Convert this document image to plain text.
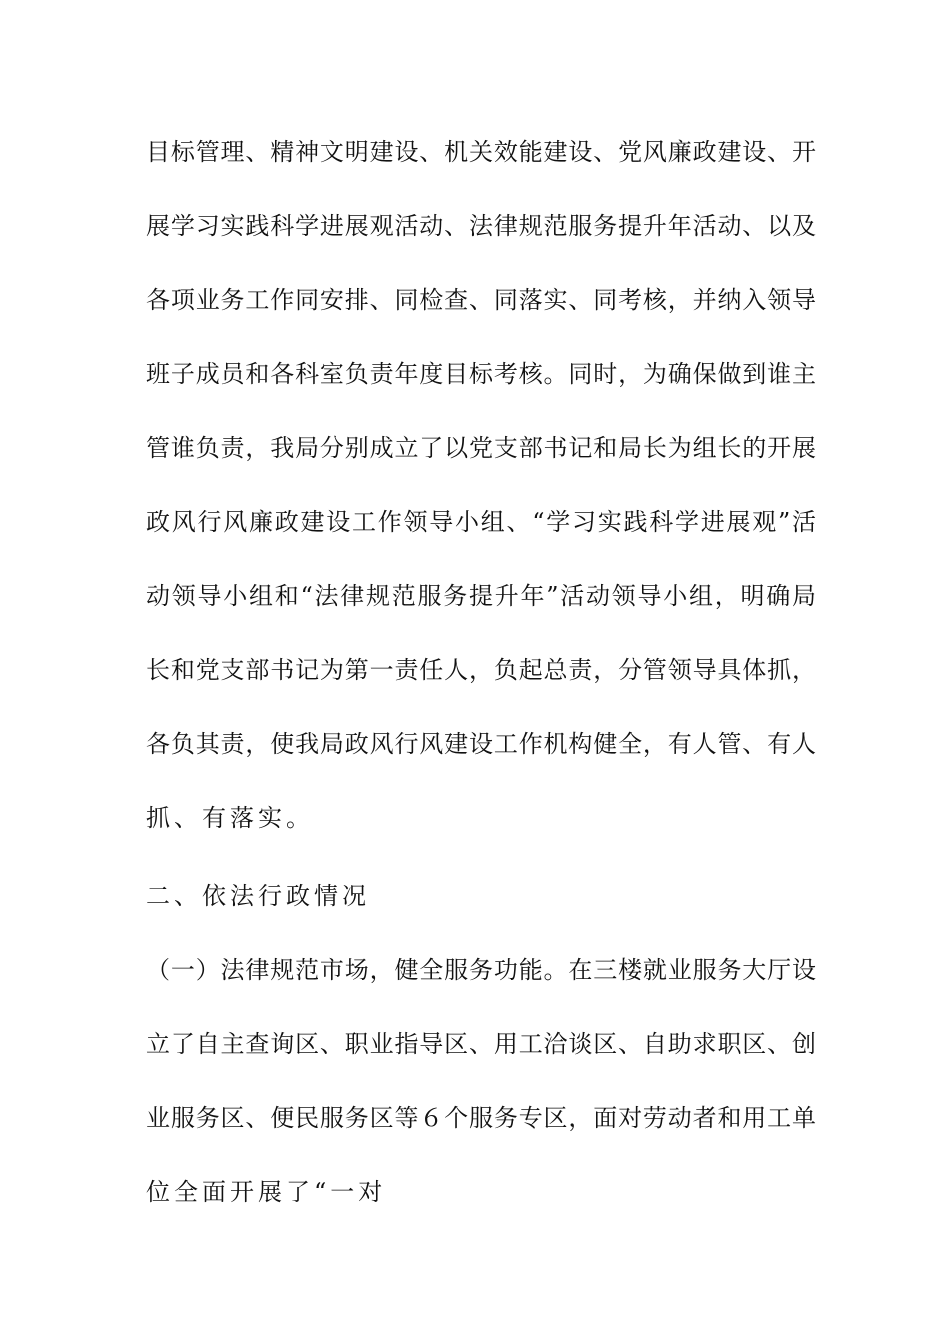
目标管理、精神文明建设、机关效能建设、党风廉政建设、开
展学习实践科学进展观活动、法律规范服务提升年活动、以及
各项业务工作同安排、同检查、同落实、同考核，并纳入领导
班子成员和各科室负责年度目标考核。同时，为确保做到谁主
管谁负责，我局分别成立了以党支部书记和局长为组长的开展
政风行风廉政建设工作领导小组、“学习实践科学进展观”活
动领导小组和“法律规范服务提升年”活动领导小组，明确局
长和党支部书记为第一责任人，负起总责，分管领导具体抓，
各负其责，使我局政风行风建设工作机构健全，有人管、有人
抓、有落实。
二、依法行政情况
（一）法律规范市场，健全服务功能。在三楼就业服务大厅设
立了自主查询区、职业指导区、用工洽谈区、自助求职区、创
业服务区、便民服务区等６个服务专区，面对劳动者和用工单
位全面开展了“一对
